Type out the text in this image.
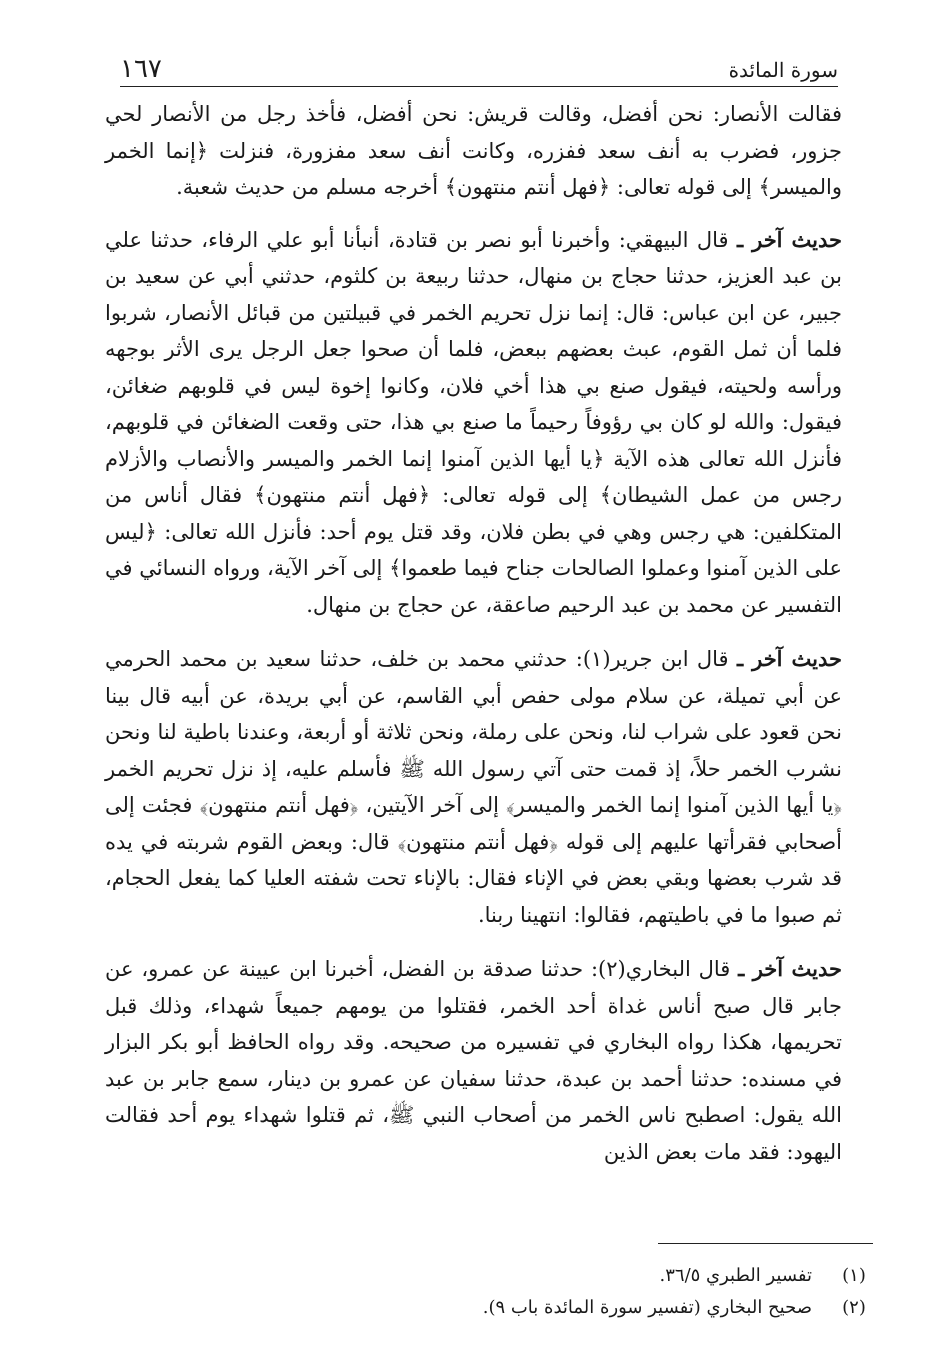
١٦٧	سورة المائدة

فقالت الأنصار: نحن أفضل، وقالت قريش: نحن أفضل، فأخذ رجل من الأنصار لحي جزور، فضرب به أنف سعد ففزره، وكانت أنف سعد مفزورة، فنزلت ﴿إنما الخمر والميسر﴾ إلى قوله تعالى: ﴿فهل أنتم منتهون﴾ أخرجه مسلم من حديث شعبة.

حديث آخر ـ قال البيهقي: وأخبرنا أبو نصر بن قتادة، أنبأنا أبو علي الرفاء، حدثنا علي بن عبد العزيز، حدثنا حجاج بن منهال، حدثنا ربيعة بن كلثوم، حدثني أبي عن سعيد بن جبير، عن ابن عباس: قال: إنما نزل تحريم الخمر في قبيلتين من قبائل الأنصار، شربوا فلما أن ثمل القوم، عبث بعضهم ببعض، فلما أن صحوا جعل الرجل يرى الأثر بوجهه ورأسه ولحيته، فيقول صنع بي هذا أخي فلان، وكانوا إخوة ليس في قلوبهم ضغائن، فيقول: والله لو كان بي رؤوفاً رحيماً ما صنع بي هذا، حتى وقعت الضغائن في قلوبهم، فأنزل الله تعالى هذه الآية ﴿يا أيها الذين آمنوا إنما الخمر والميسر والأنصاب والأزلام رجس من عمل الشيطان﴾ إلى قوله تعالى: ﴿فهل أنتم منتهون﴾ فقال أناس من المتكلفين: هي رجس وهي في بطن فلان، وقد قتل يوم أحد: فأنزل الله تعالى: ﴿ليس على الذين آمنوا وعملوا الصالحات جناح فيما طعموا﴾ إلى آخر الآية، ورواه النسائي في التفسير عن محمد بن عبد الرحيم صاعقة، عن حجاج بن منهال.

حديث آخر ـ قال ابن جرير(١): حدثني محمد بن خلف، حدثنا سعيد بن محمد الحرمي عن أبي تميلة، عن سلام مولى حفص أبي القاسم، عن أبي بريدة، عن أبيه قال بينا نحن قعود على شراب لنا، ونحن على رملة، ونحن ثلاثة أو أربعة، وعندنا باطية لنا ونحن نشرب الخمر حلاً، إذ قمت حتى آتي رسول الله ﷺ فأسلم عليه، إذ نزل تحريم الخمر ﴿يا أيها الذين آمنوا إنما الخمر والميسر﴾ إلى آخر الآيتين، ﴿فهل أنتم منتهون﴾ فجئت إلى أصحابي فقرأتها عليهم إلى قوله ﴿فهل أنتم منتهون﴾ قال: وبعض القوم شربته في يده قد شرب بعضها وبقي بعض في الإناء فقال: بالإناء تحت شفته العليا كما يفعل الحجام، ثم صبوا ما في باطيتهم، فقالوا: انتهينا ربنا.

حديث آخر ـ قال البخاري(٢): حدثنا صدقة بن الفضل، أخبرنا ابن عيينة عن عمرو، عن جابر قال صبح أناس غداة أحد الخمر، فقتلوا من يومهم جميعاً شهداء، وذلك قبل تحريمها، هكذا رواه البخاري في تفسيره من صحيحه. وقد رواه الحافظ أبو بكر البزار في مسنده: حدثنا أحمد بن عبدة، حدثنا سفيان عن عمرو بن دينار، سمع جابر بن عبد الله يقول: اصطبح ناس الخمر من أصحاب النبي ﷺ، ثم قتلوا شهداء يوم أحد فقالت اليهود: فقد مات بعض الذين

(١)
تفسير الطبري ٣٦/٥.
(٢)
صحيح البخاري (تفسير سورة المائدة باب ٩).
